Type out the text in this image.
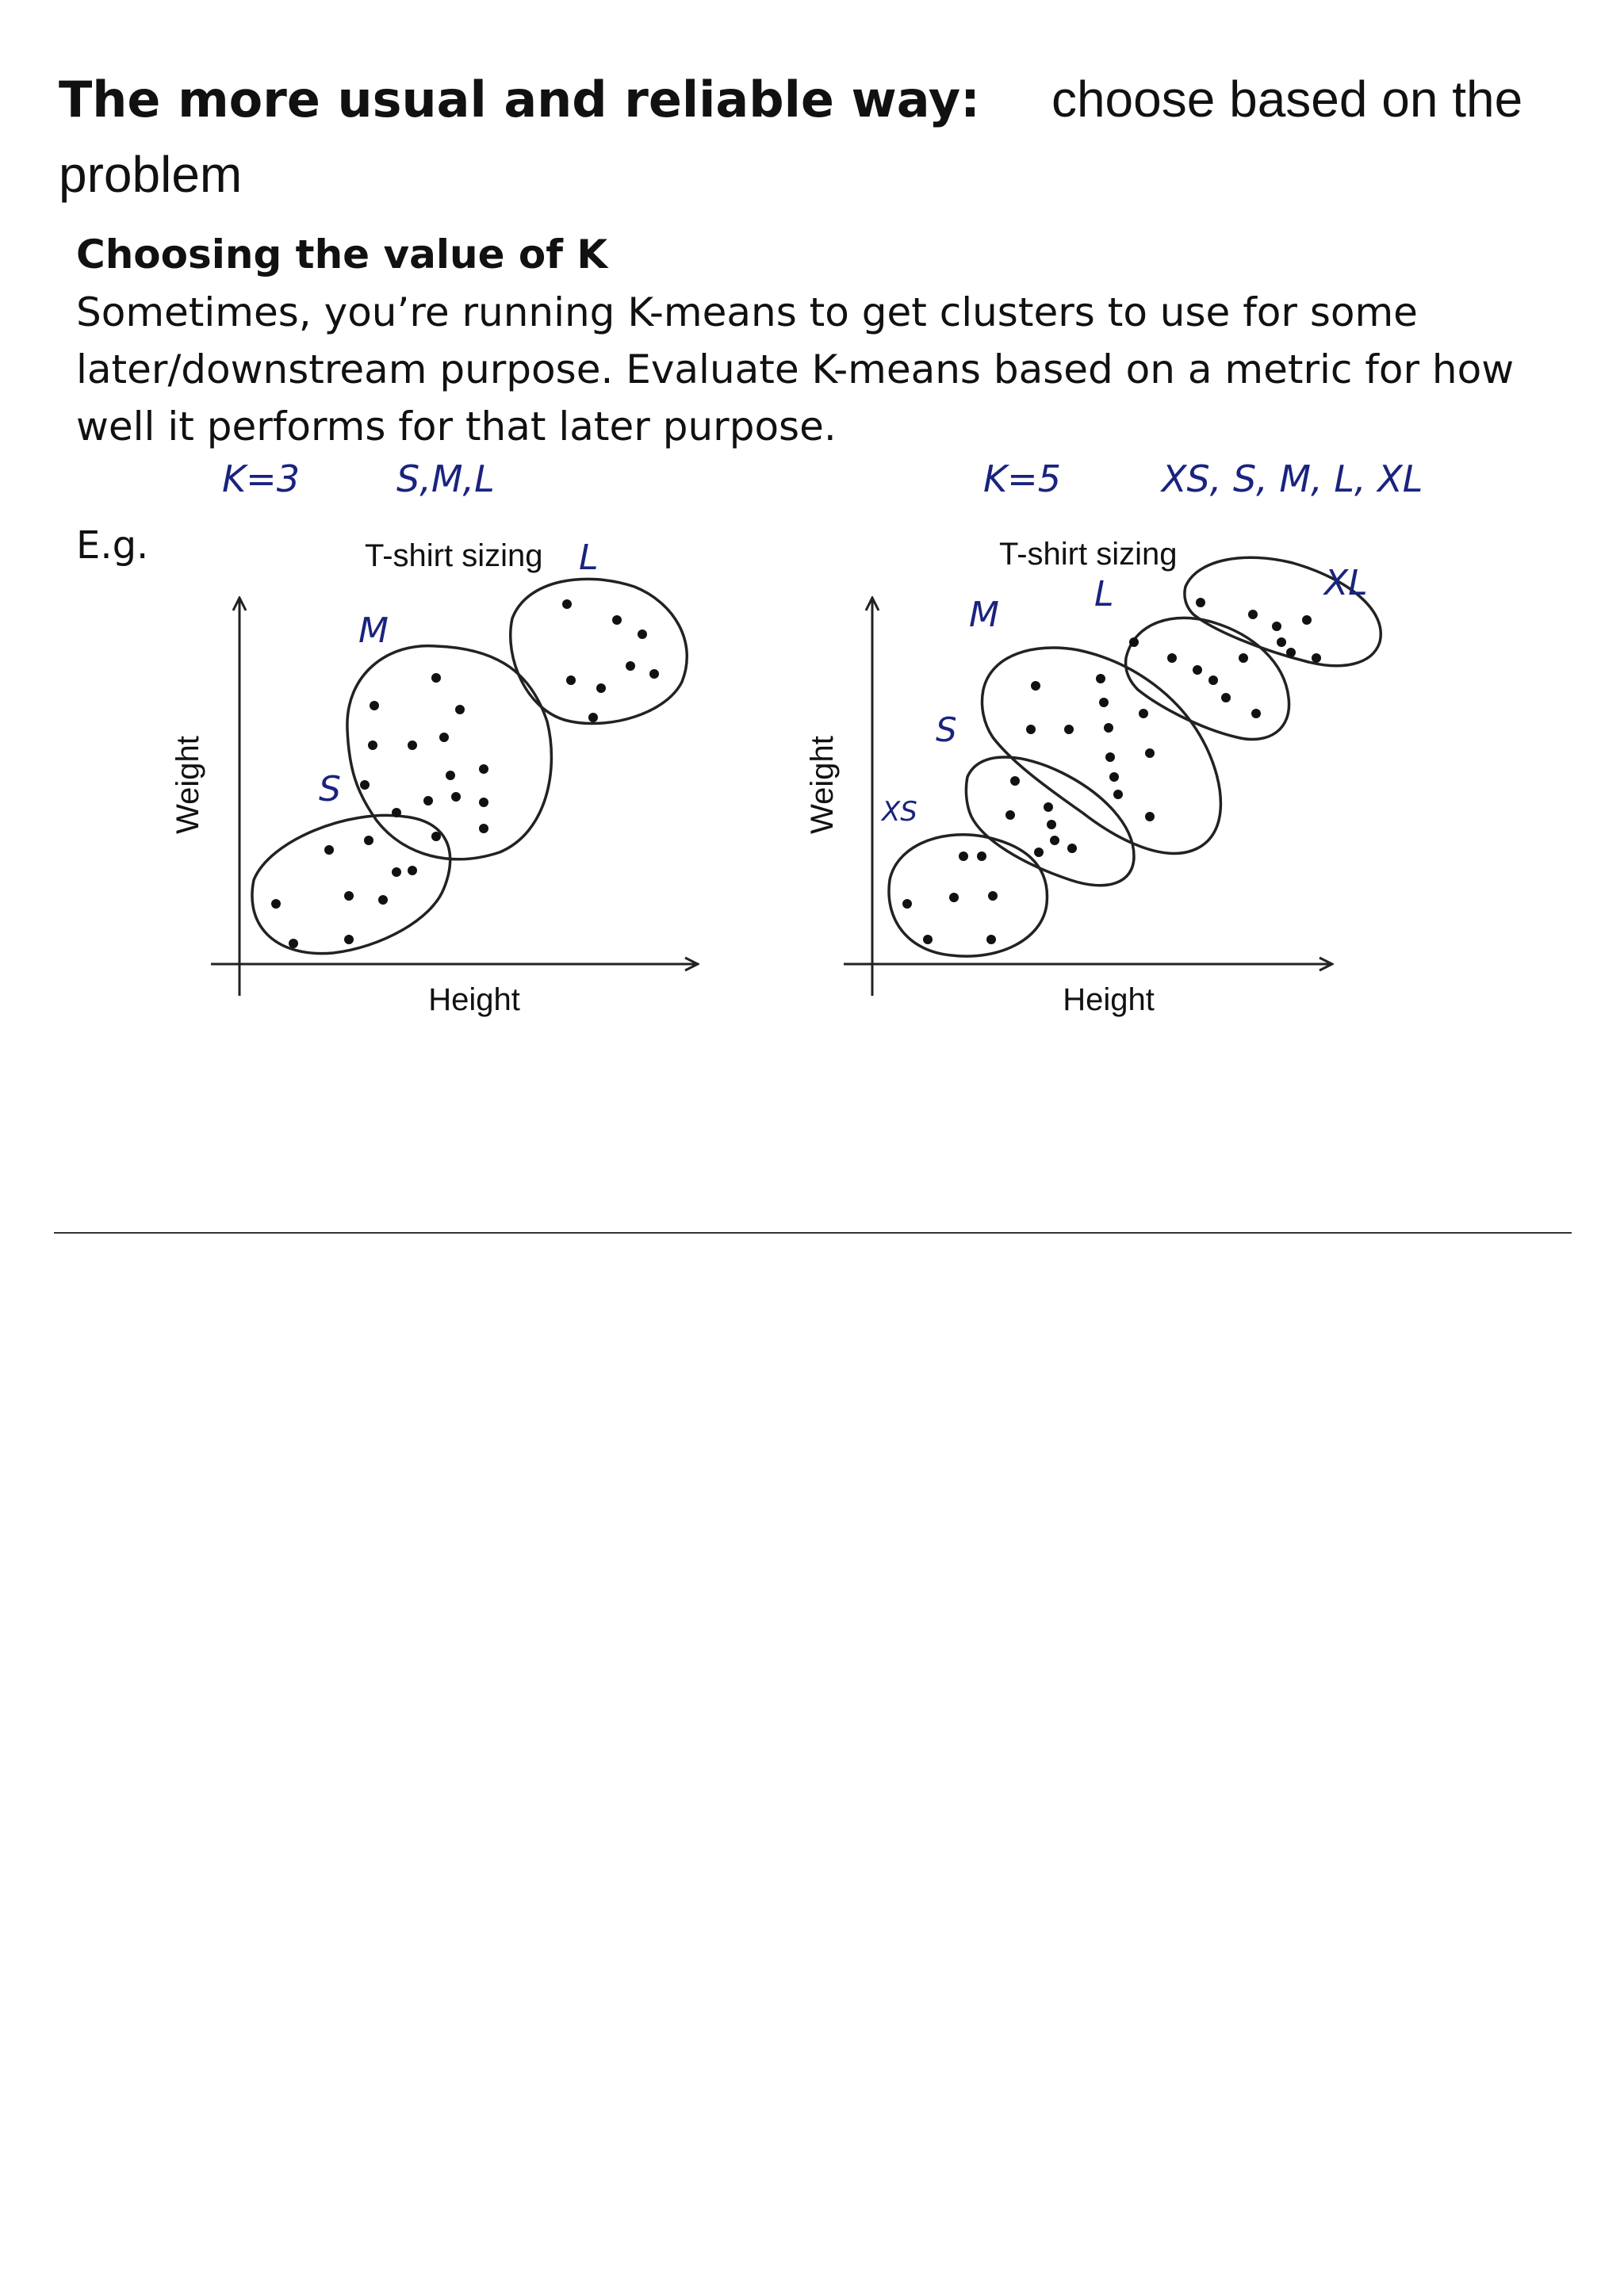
The more usual and reliable way: choose based on the problem
Choosing the value of K

Sometimes, you’re running K-means to get clusters to use for some later/downstream purpose. Evaluate K-means based on a metric for how well it performs for that later purpose.

E.g.
K=3	S,M,L
T-shirt sizing
Weight
Height
S
M
L
K=5	XS, S, M, L, XL
T-shirt sizing
Weight
Height
XS
S
M
L	XL
